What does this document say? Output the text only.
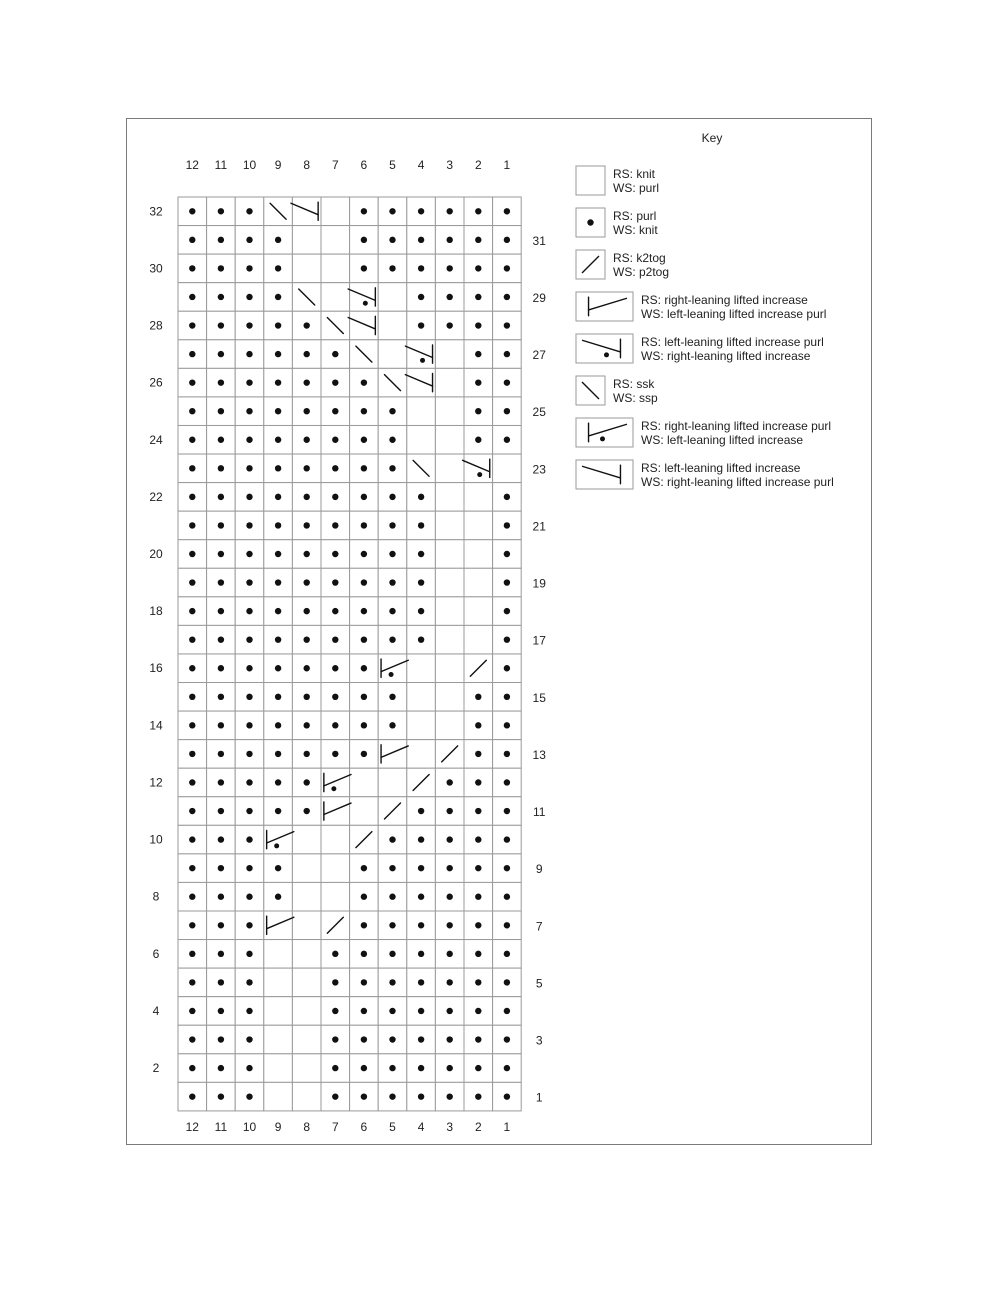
12
12
11
11
10
10
9
9
8
8
7
7
6
6
5
5
4
4
3
3
2
2
1
1
32
31
30
29
28
27
26
25
24
23
22
21
20
19
18
17
16
15
14
13
12
11
10
9
8
7
6
5
4
3
2
1
Key
RS: knit
WS: purl
RS: purl
WS: knit
RS: k2tog
WS: p2tog
RS: right-leaning lifted increase
WS: left-leaning lifted increase purl
RS: left-leaning lifted increase purl
WS: right-leaning lifted increase
RS: ssk
WS: ssp
RS: right-leaning lifted increase purl
WS: left-leaning lifted increase
RS: left-leaning lifted increase
WS: right-leaning lifted increase purl
